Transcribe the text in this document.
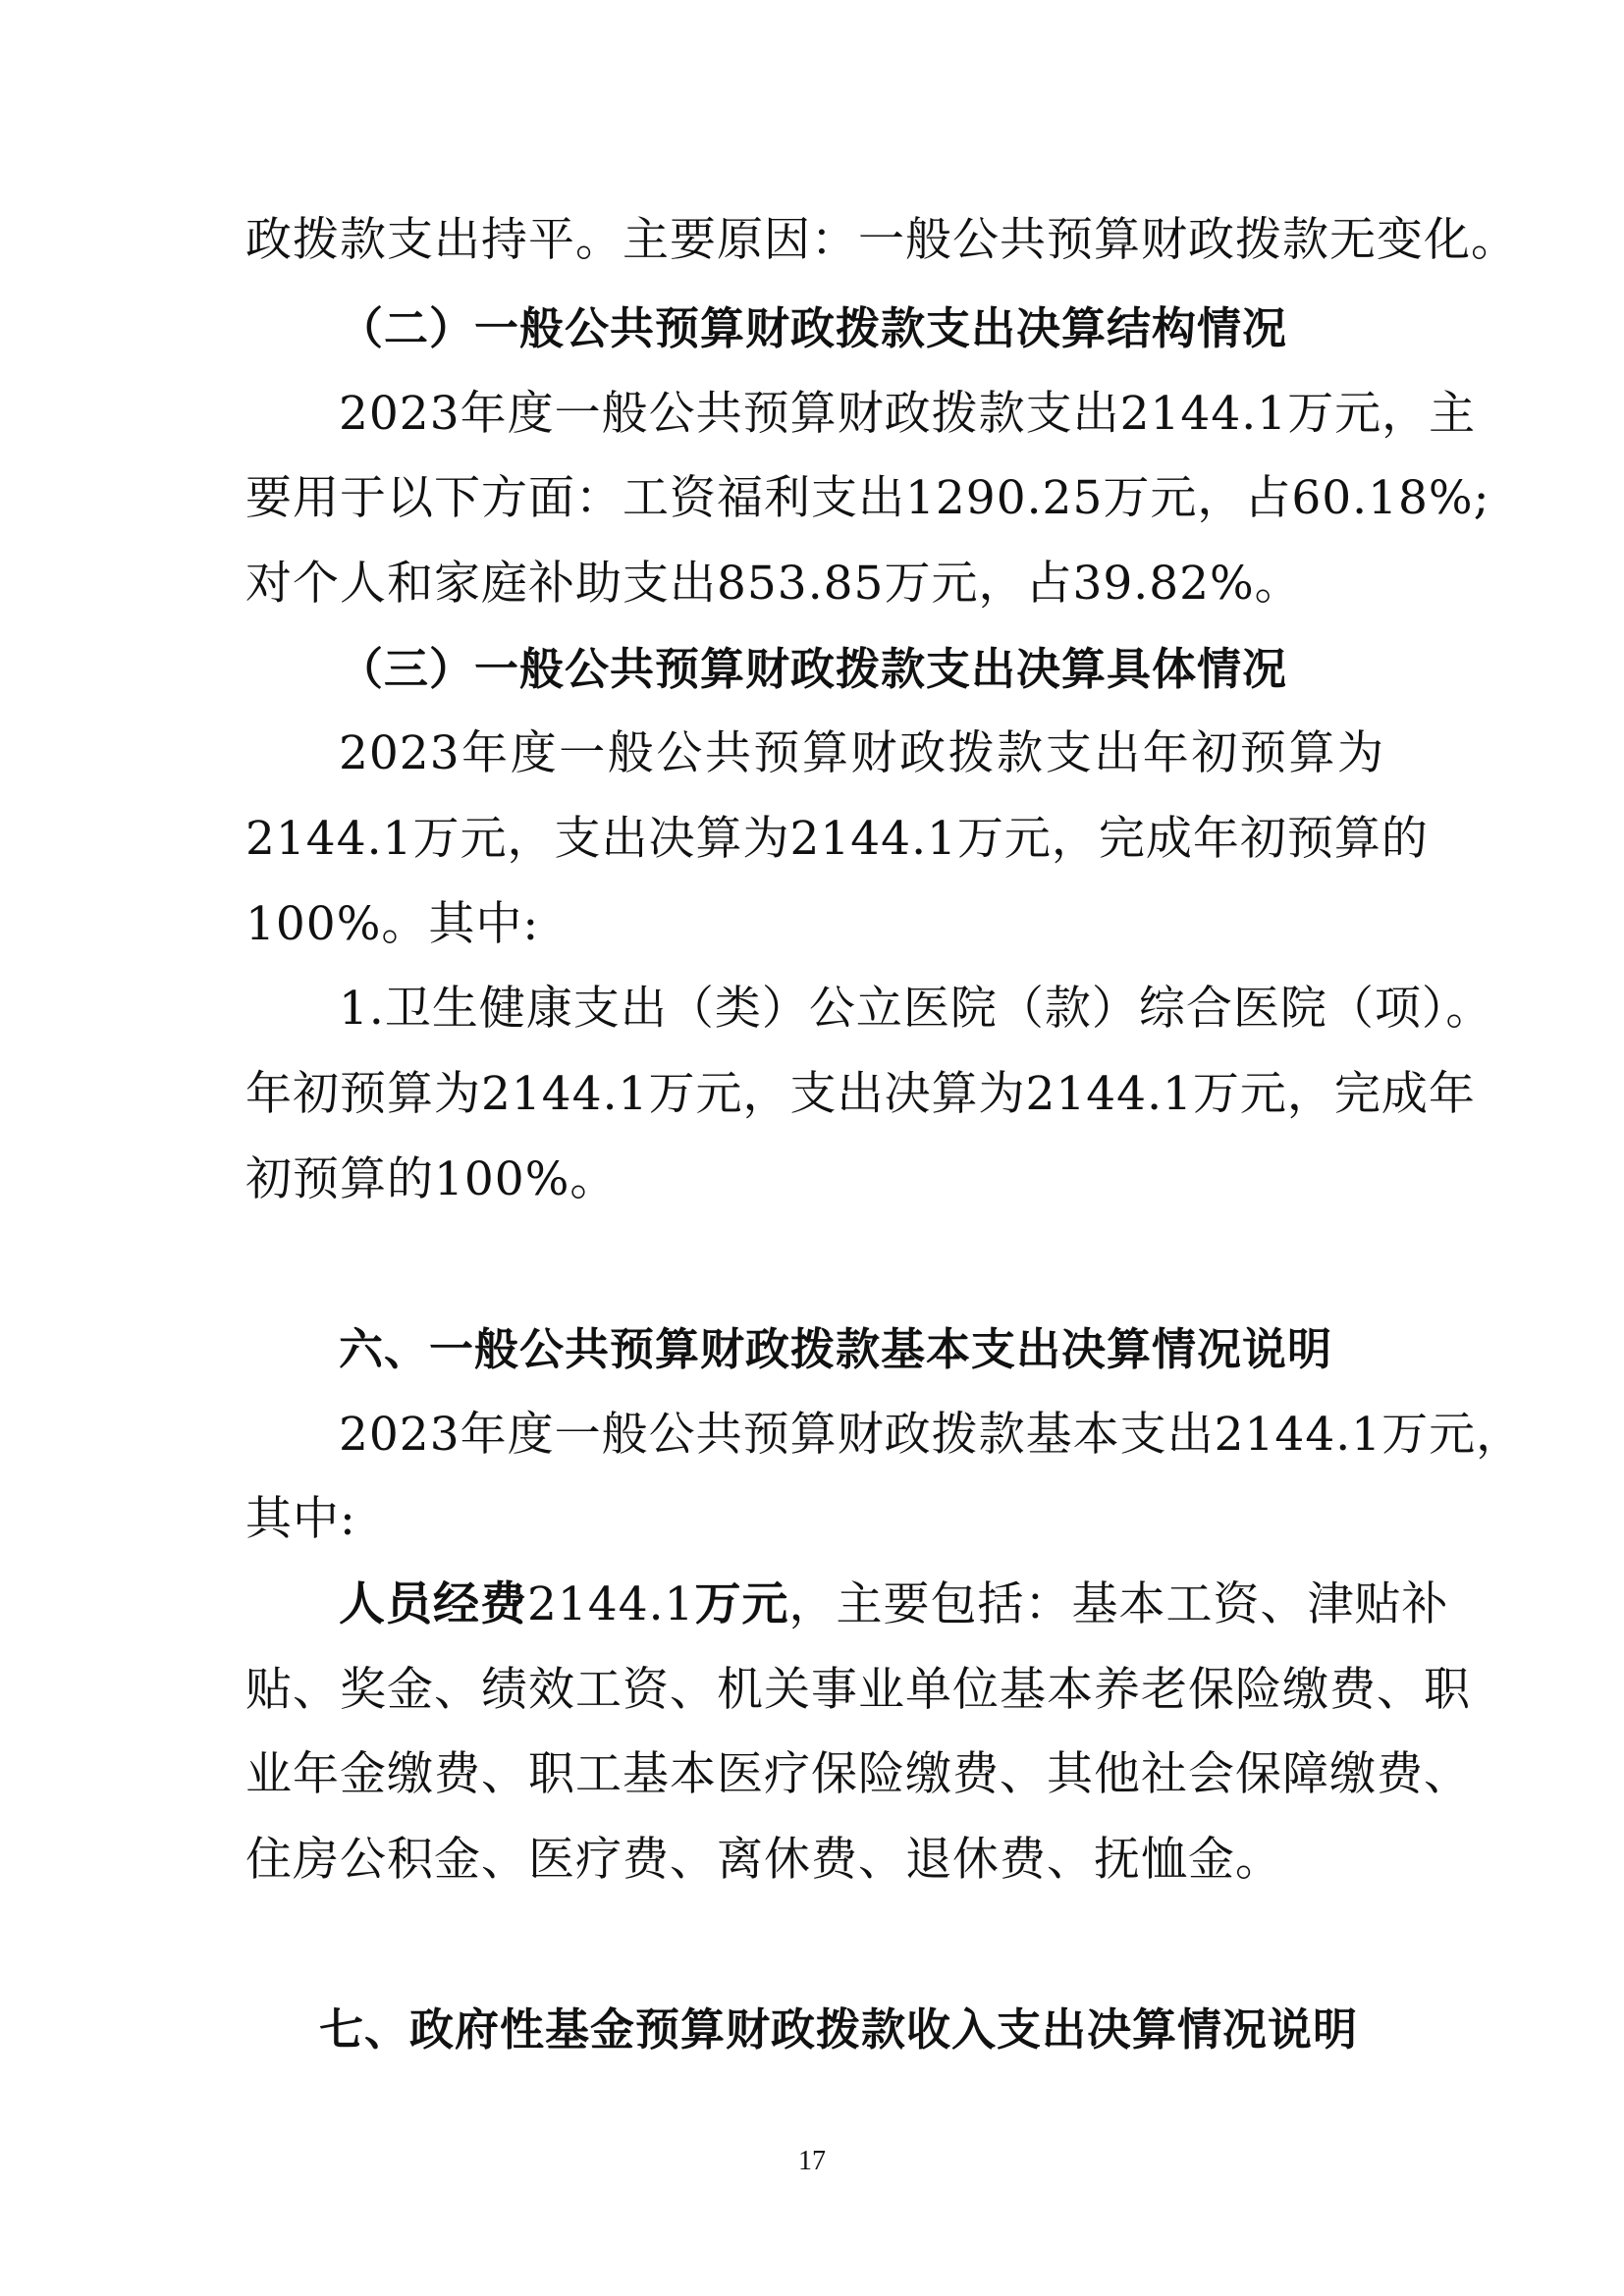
政拨款支出持平。主要原因：一般公共预算财政拨款无变化。
（二）一般公共预算财政拨款支出决算结构情况
2023年度一般公共预算财政拨款支出2144.1万元，主
要用于以下方面：工资福利支出1290.25万元，占60.18%;
对个人和家庭补助支出853.85万元，占39.82%。
（三）一般公共预算财政拨款支出决算具体情况
2023年度一般公共预算财政拨款支出年初预算为
2144.1万元，支出决算为2144.1万元，完成年初预算的
100%。其中:
1.卫生健康支出（类）公立医院（款）综合医院（项）。
年初预算为2144.1万元，支出决算为2144.1万元，完成年
初预算的100%。
六、一般公共预算财政拨款基本支出决算情况说明
2023年度一般公共预算财政拨款基本支出2144.1万元，
其中:
人员经费2144.1万元，主要包括：基本工资、津贴补
贴、奖金、绩效工资、机关事业单位基本养老保险缴费、职
业年金缴费、职工基本医疗保险缴费、其他社会保障缴费、
住房公积金、医疗费、离休费、退休费、抚恤金。
七、政府性基金预算财政拨款收入支出决算情况说明
17
